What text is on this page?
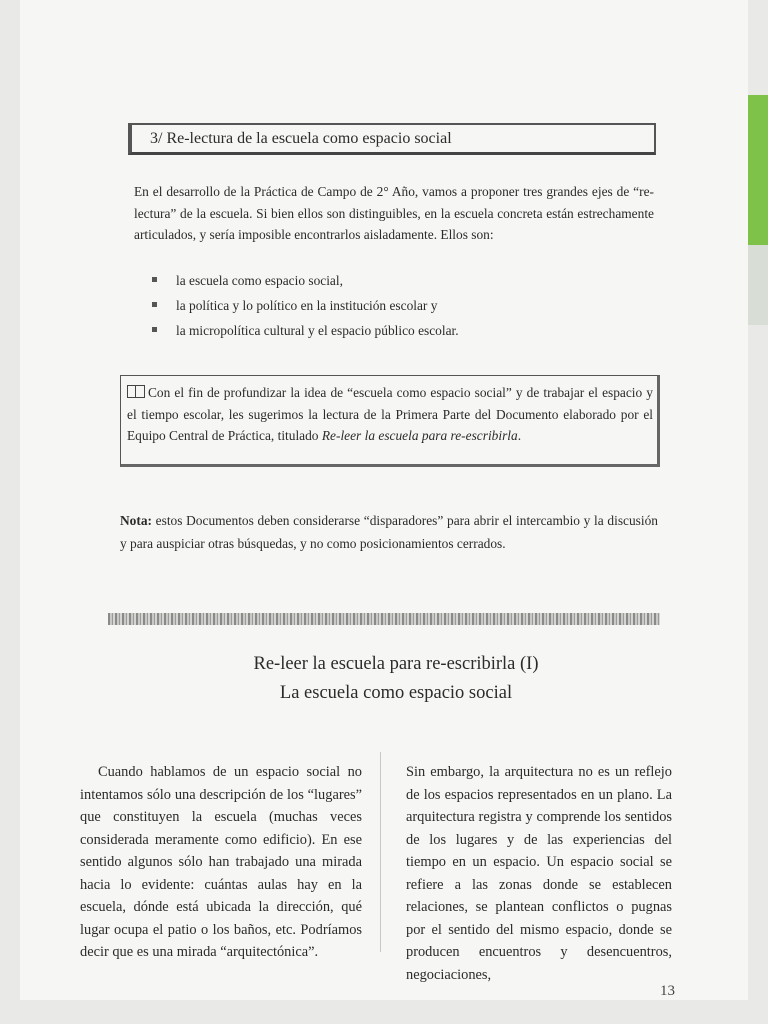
3/ Re-lectura de la escuela como espacio social
En el desarrollo de la Práctica de Campo de 2° Año, vamos a proponer tres grandes ejes de “re-lectura” de la escuela. Si bien ellos son distinguibles, en la escuela concreta están estrechamente articulados, y sería imposible encontrarlos aisladamente. Ellos son:
la escuela como espacio social,
la política y lo político en la institución escolar y
la micropolítica cultural y el espacio público escolar.
Con el fin de profundizar la idea de “escuela como espacio social” y de trabajar el espacio y el tiempo escolar, les sugerimos la lectura de la Primera Parte del Documento elaborado por el Equipo Central de Práctica, titulado Re-leer la escuela para re-escribirla.
Nota: estos Documentos deben considerarse “disparadores” para abrir el intercambio y la discusión y para auspiciar otras búsquedas, y no como posicionamientos cerrados.
Re-leer la escuela para re-escribirla (I)
La escuela como espacio social
Cuando hablamos de un espacio social no intentamos sólo una descripción de los “lugares” que constituyen la escuela (muchas veces considerada meramente como edificio). En ese sentido algunos sólo han trabajado una mirada hacia lo evidente: cuántas aulas hay en la escuela, dónde está ubicada la dirección, qué lugar ocupa el patio o los baños, etc. Podríamos decir que es una mirada “arquitectónica”.
Sin embargo, la arquitectura no es un reflejo de los espacios representados en un plano. La arquitectura registra y comprende los sentidos de los lugares y de las experiencias del tiempo en un espacio. Un espacio social se refiere a las zonas donde se establecen relaciones, se plantean conflictos o pugnas por el sentido del mismo espacio, donde se producen encuentros y desencuentros, negociaciones,
13
